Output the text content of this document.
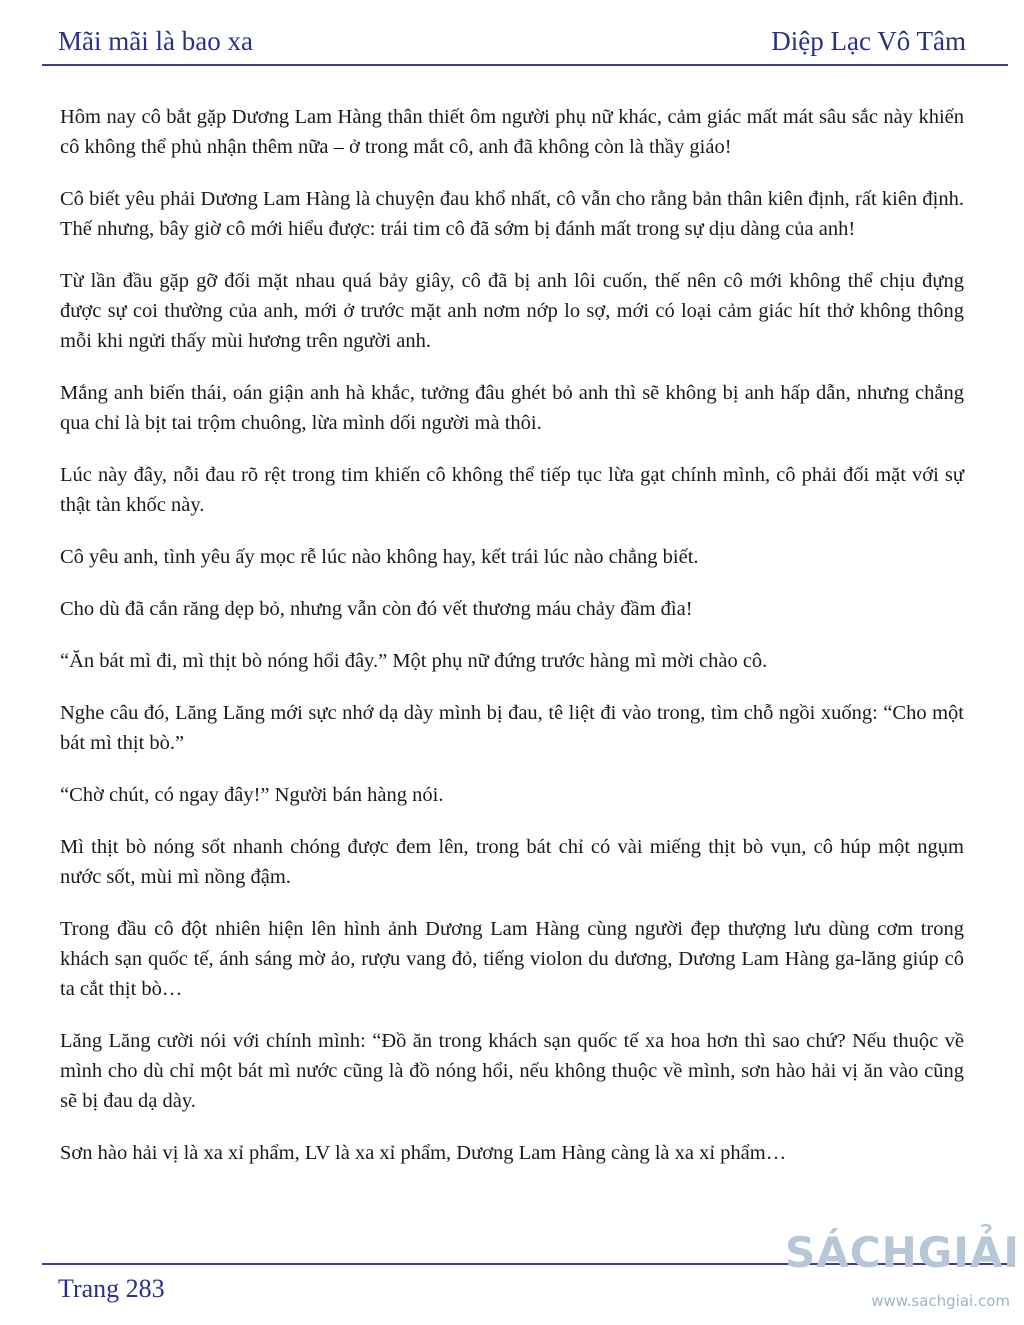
Mãi mãi là bao xa	Diệp Lạc Vô Tâm

Hôm nay cô bắt gặp Dương Lam Hàng thân thiết ôm người phụ nữ khác, cảm giác mất mát sâu sắc này khiến cô không thể phủ nhận thêm nữa – ở trong mắt cô, anh đã không còn là thầy giáo!

Cô biết yêu phải Dương Lam Hàng là chuyện đau khổ nhất, cô vẫn cho rằng bản thân kiên định, rất kiên định. Thế nhưng, bây giờ cô mới hiểu được: trái tim cô đã sớm bị đánh mất trong sự dịu dàng của anh!

Từ lần đầu gặp gỡ đối mặt nhau quá bảy giây, cô đã bị anh lôi cuốn, thế nên cô mới không thể chịu đựng được sự coi thường của anh, mới ở trước mặt anh nơm nớp lo sợ, mới có loại cảm giác hít thở không thông mỗi khi ngửi thấy mùi hương trên người anh.

Mắng anh biến thái, oán giận anh hà khắc, tưởng đâu ghét bỏ anh thì sẽ không bị anh hấp dẫn, nhưng chẳng qua chỉ là bịt tai trộm chuông, lừa mình dối người mà thôi.

Lúc này đây, nỗi đau rõ rệt trong tim khiến cô không thể tiếp tục lừa gạt chính mình, cô phải đối mặt với sự thật tàn khốc này.

Cô yêu anh, tình yêu ấy mọc rễ lúc nào không hay, kết trái lúc nào chẳng biết.

Cho dù đã cắn răng dẹp bỏ, nhưng vẫn còn đó vết thương máu chảy đầm đìa!

“Ăn bát mì đi, mì thịt bò nóng hổi đây.” Một phụ nữ đứng trước hàng mì mời chào cô.

Nghe câu đó, Lăng Lăng mới sực nhớ dạ dày mình bị đau, tê liệt đi vào trong, tìm chỗ ngồi xuống: “Cho một bát mì thịt bò.”

“Chờ chút, có ngay đây!” Người bán hàng nói.

Mì thịt bò nóng sốt nhanh chóng được đem lên, trong bát chỉ có vài miếng thịt bò vụn, cô húp một ngụm nước sốt, mùi mì nồng đậm.

Trong đầu cô đột nhiên hiện lên hình ảnh Dương Lam Hàng cùng người đẹp thượng lưu dùng cơm trong khách sạn quốc tế, ánh sáng mờ ảo, rượu vang đỏ, tiếng violon du dương, Dương Lam Hàng ga-lăng giúp cô ta cắt thịt bò…

Lăng Lăng cười nói với chính mình: “Đồ ăn trong khách sạn quốc tế xa hoa hơn thì sao chứ? Nếu thuộc về mình cho dù chỉ một bát mì nước cũng là đồ nóng hổi, nếu không thuộc về mình, sơn hào hải vị ăn vào cũng sẽ bị đau dạ dày.

Sơn hào hải vị là xa xỉ phẩm, LV là xa xỉ phẩm, Dương Lam Hàng càng là xa xỉ phẩm…

Trang 283
SÁCHGIẢI
www.sachgiai.com
